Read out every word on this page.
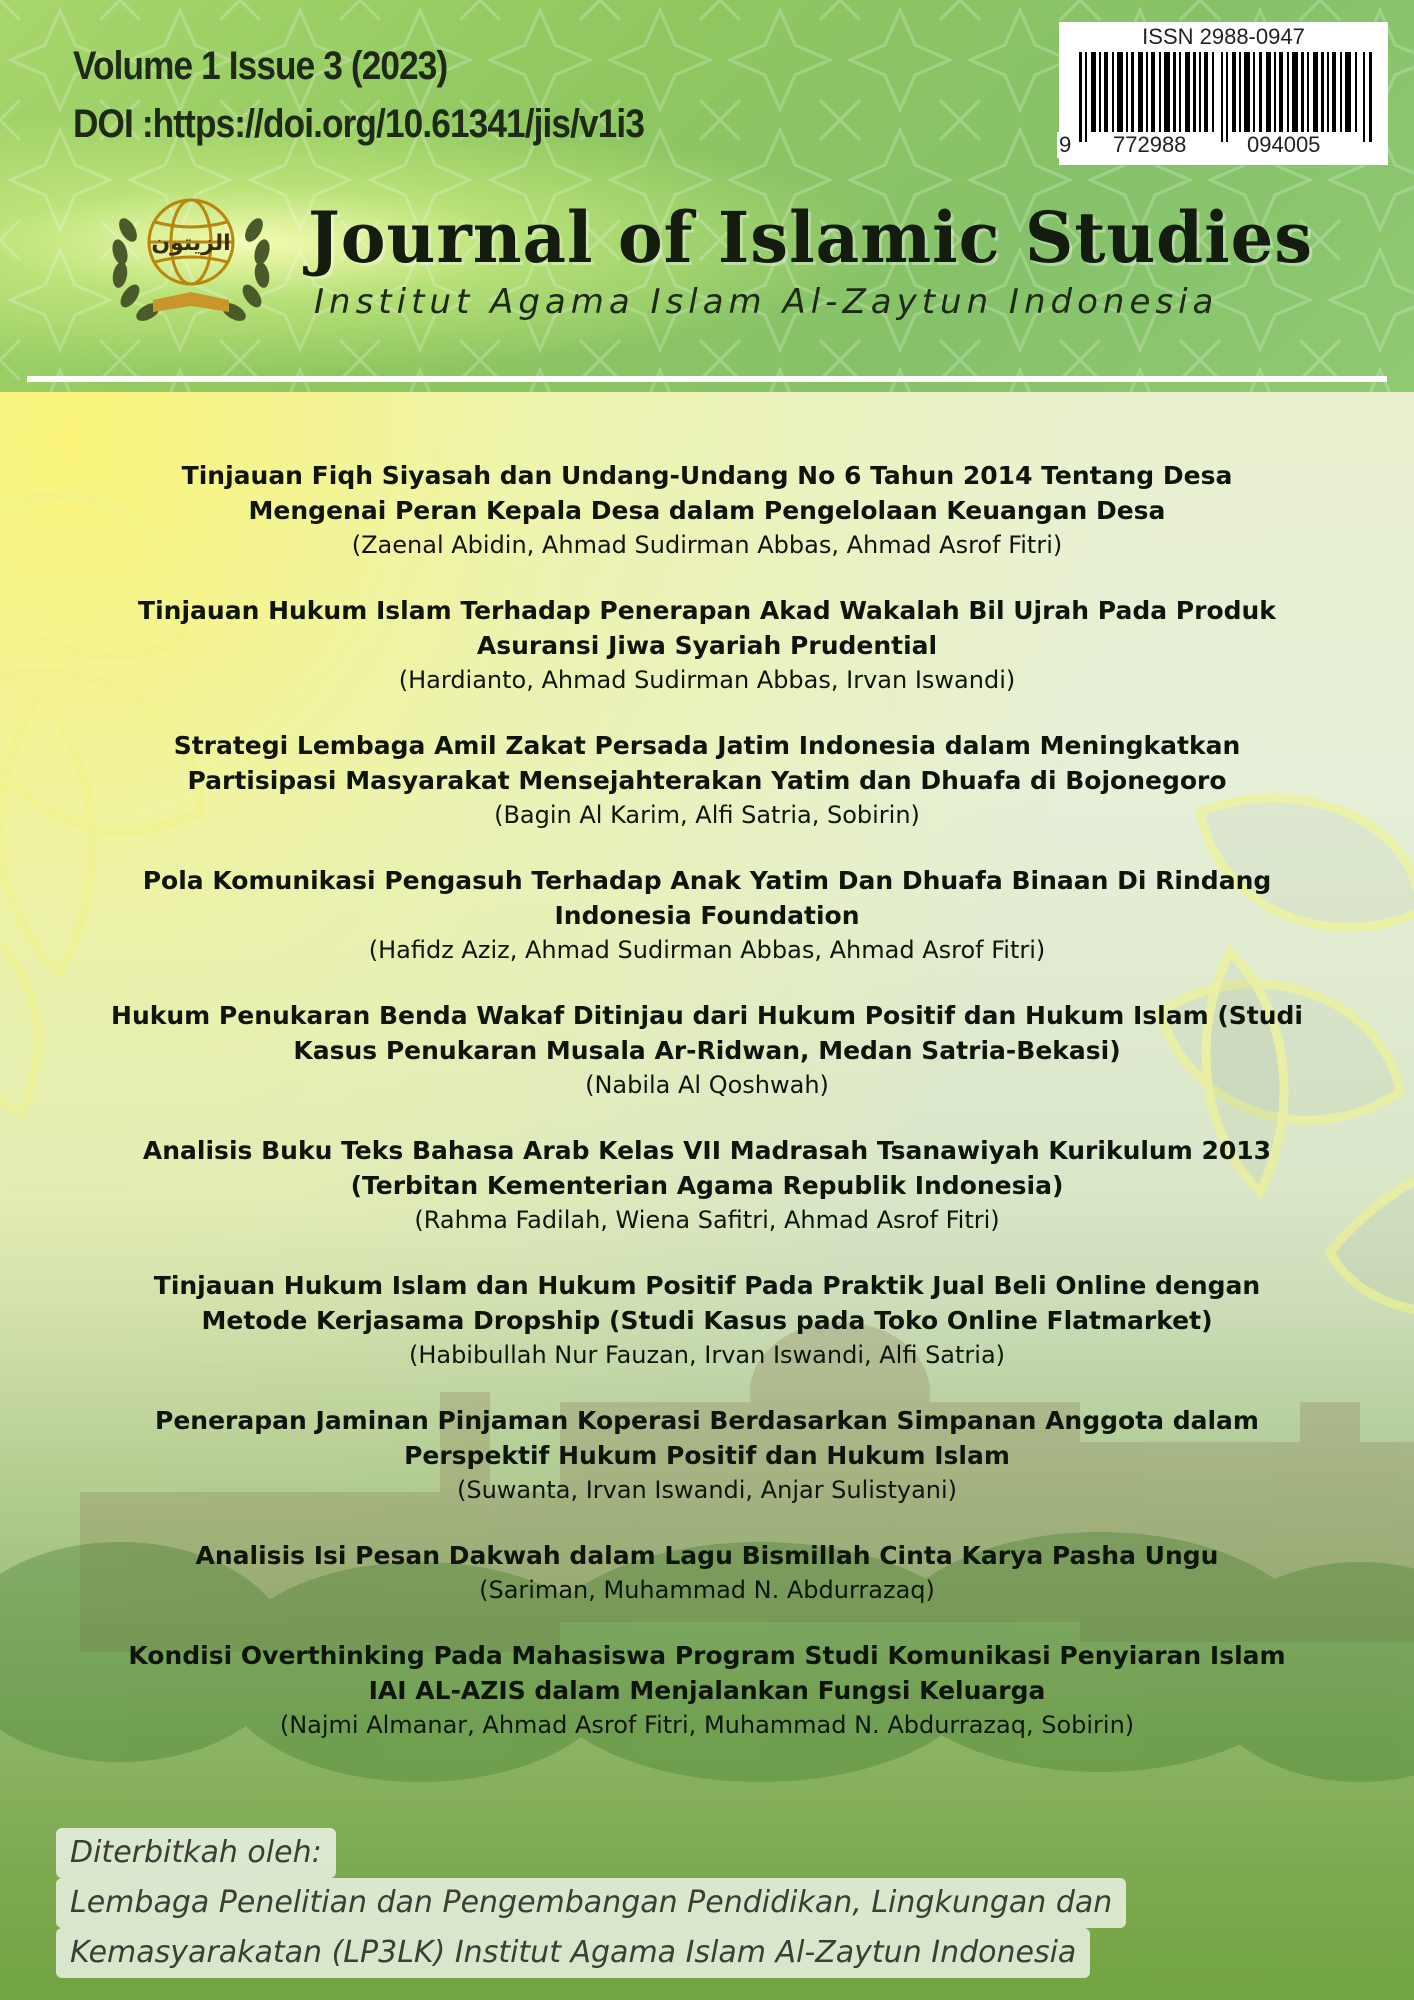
Volume 1 Issue 3 (2023)

DOI :https://doi.org/10.61341/jis/v1i3

ISSN 2988-0947
9 772988	094005
الزيتون Journal of Islamic Studies

Institut Agama Islam Al-Zaytun Indonesia

Tinjauan Fiqh Siyasah dan Undang-Undang No 6 Tahun 2014 Tentang Desa Mengenai Peran Kepala Desa dalam Pengelolaan Keuangan Desa
(Zaenal Abidin, Ahmad Sudirman Abbas, Ahmad Asrof Fitri)
Tinjauan Hukum Islam Terhadap Penerapan Akad Wakalah Bil Ujrah Pada Produk Asuransi Jiwa Syariah Prudential
(Hardianto, Ahmad Sudirman Abbas, Irvan Iswandi)
Strategi Lembaga Amil Zakat Persada Jatim Indonesia dalam Meningkatkan Partisipasi Masyarakat Mensejahterakan Yatim dan Dhuafa di Bojonegoro
(Bagin Al Karim, Alfi Satria, Sobirin)
Pola Komunikasi Pengasuh Terhadap Anak Yatim Dan Dhuafa Binaan Di Rindang Indonesia Foundation
(Hafidz Aziz, Ahmad Sudirman Abbas, Ahmad Asrof Fitri)
Hukum Penukaran Benda Wakaf Ditinjau dari Hukum Positif dan Hukum Islam (Studi Kasus Penukaran Musala Ar-Ridwan, Medan Satria-Bekasi)
(Nabila Al Qoshwah)
Analisis Buku Teks Bahasa Arab Kelas VII Madrasah Tsanawiyah Kurikulum 2013 (Terbitan Kementerian Agama Republik Indonesia)
(Rahma Fadilah, Wiena Safitri, Ahmad Asrof Fitri)
Tinjauan Hukum Islam dan Hukum Positif Pada Praktik Jual Beli Online dengan Metode Kerjasama Dropship (Studi Kasus pada Toko Online Flatmarket)
(Habibullah Nur Fauzan, Irvan Iswandi, Alfi Satria)
Penerapan Jaminan Pinjaman Koperasi Berdasarkan Simpanan Anggota dalam Perspektif Hukum Positif dan Hukum Islam
(Suwanta, Irvan Iswandi, Anjar Sulistyani)
Analisis Isi Pesan Dakwah dalam Lagu Bismillah Cinta Karya Pasha Ungu
(Sariman, Muhammad N. Abdurrazaq)
Kondisi Overthinking Pada Mahasiswa Program Studi Komunikasi Penyiaran Islam IAI AL-AZIS dalam Menjalankan Fungsi Keluarga
(Najmi Almanar, Ahmad Asrof Fitri, Muhammad N. Abdurrazaq, Sobirin)
Diterbitkah oleh:
Lembaga Penelitian dan Pengembangan Pendidikan, Lingkungan dan
Kemasyarakatan (LP3LK) Institut Agama Islam Al-Zaytun Indonesia
